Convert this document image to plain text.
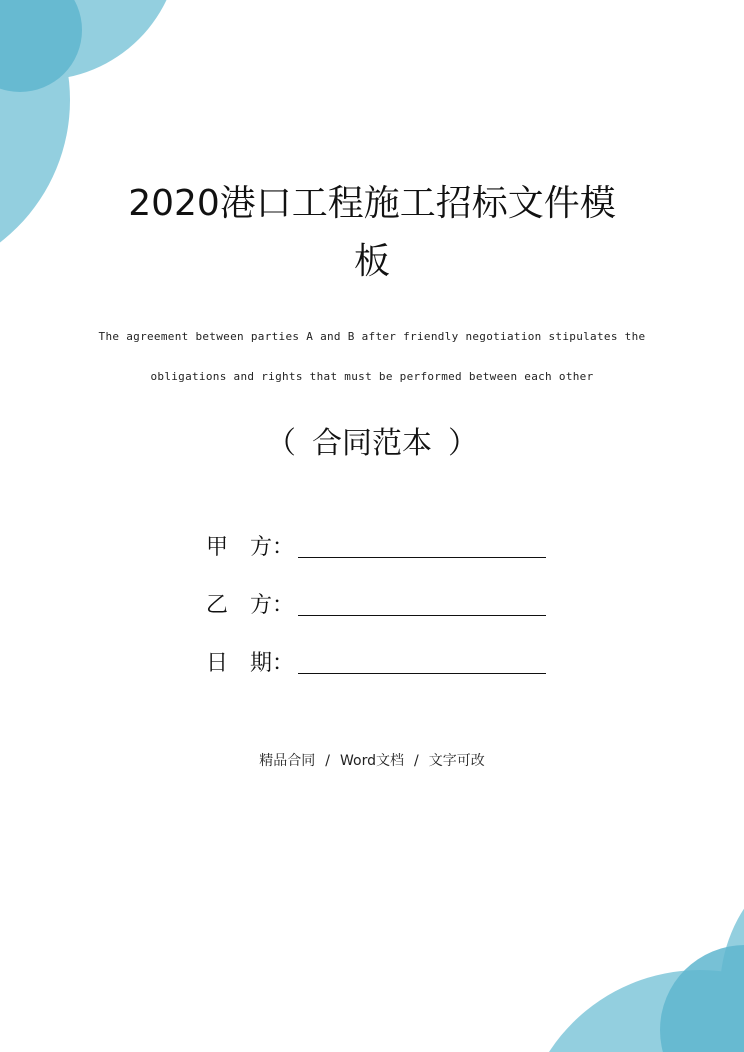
2020港口工程施工招标文件模
板
The agreement between parties A and B after friendly negotiation stipulates the
obligations and rights that must be performed between each other
（ 合同范本 ）
甲 方：
乙 方：
日 期：
精品合同 / Word文档 / 文字可改
